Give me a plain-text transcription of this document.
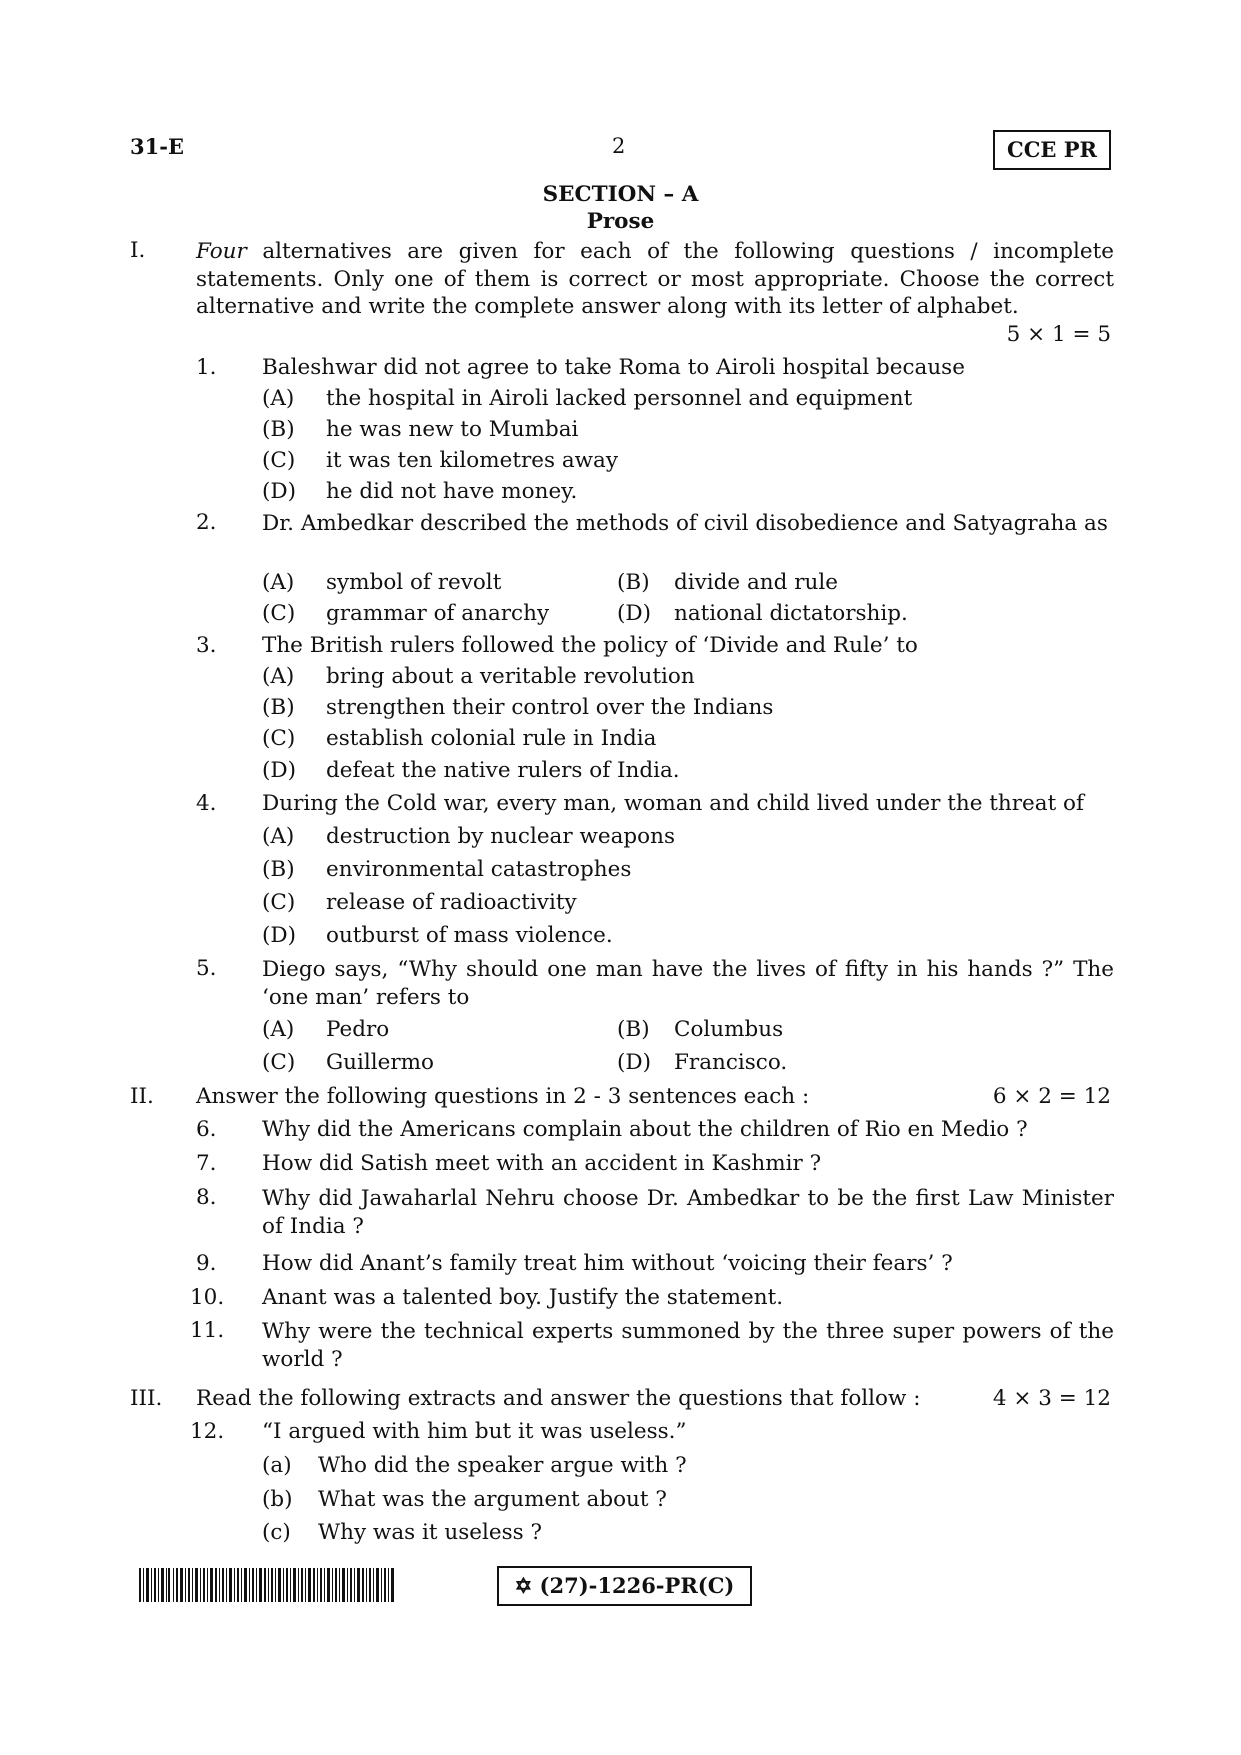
31-E	2	CCE PR
SECTION – A
Prose
I. Four alternatives are given for each of the following questions / incomplete statements. Only one of them is correct or most appropriate. Choose the correct alternative and write the complete answer along with its letter of alphabet.
5 × 1 = 5
1. Baleshwar did not agree to take Roma to Airoli hospital because
(A) the hospital in Airoli lacked personnel and equipment
(B) he was new to Mumbai
(C) it was ten kilometres away
(D) he did not have money.
2. Dr. Ambedkar described the methods of civil disobedience and Satyagraha as
(A) symbol of revolt	(B) divide and rule
(C) grammar of anarchy	(D) national dictatorship.
3. The British rulers followed the policy of ‘Divide and Rule’ to
(A) bring about a veritable revolution
(B) strengthen their control over the Indians
(C) establish colonial rule in India
(D) defeat the native rulers of India.
4. During the Cold war, every man, woman and child lived under the threat of
(A) destruction by nuclear weapons
(B) environmental catastrophes
(C) release of radioactivity
(D) outburst of mass violence.
5. Diego says, “Why should one man have the lives of fifty in his hands ?” The ‘one man’ refers to
(A) Pedro	(B) Columbus
(C) Guillermo	(D) Francisco.
II. Answer the following questions in 2 - 3 sentences each :	6 × 2 = 12
6. Why did the Americans complain about the children of Rio en Medio ?
7. How did Satish meet with an accident in Kashmir ?
8. Why did Jawaharlal Nehru choose Dr. Ambedkar to be the first Law Minister of India ?
9. How did Anant’s family treat him without ‘voicing their fears’ ?
10. Anant was a talented boy. Justify the statement.
11. Why were the technical experts summoned by the three super powers of the world ?
III. Read the following extracts and answer the questions that follow :	4 × 3 = 12
12. “I argued with him but it was useless.”
(a) Who did the speaker argue with ?
(b) What was the argument about ?
(c) Why was it useless ?
✡ (27)-1226-PR(C)
